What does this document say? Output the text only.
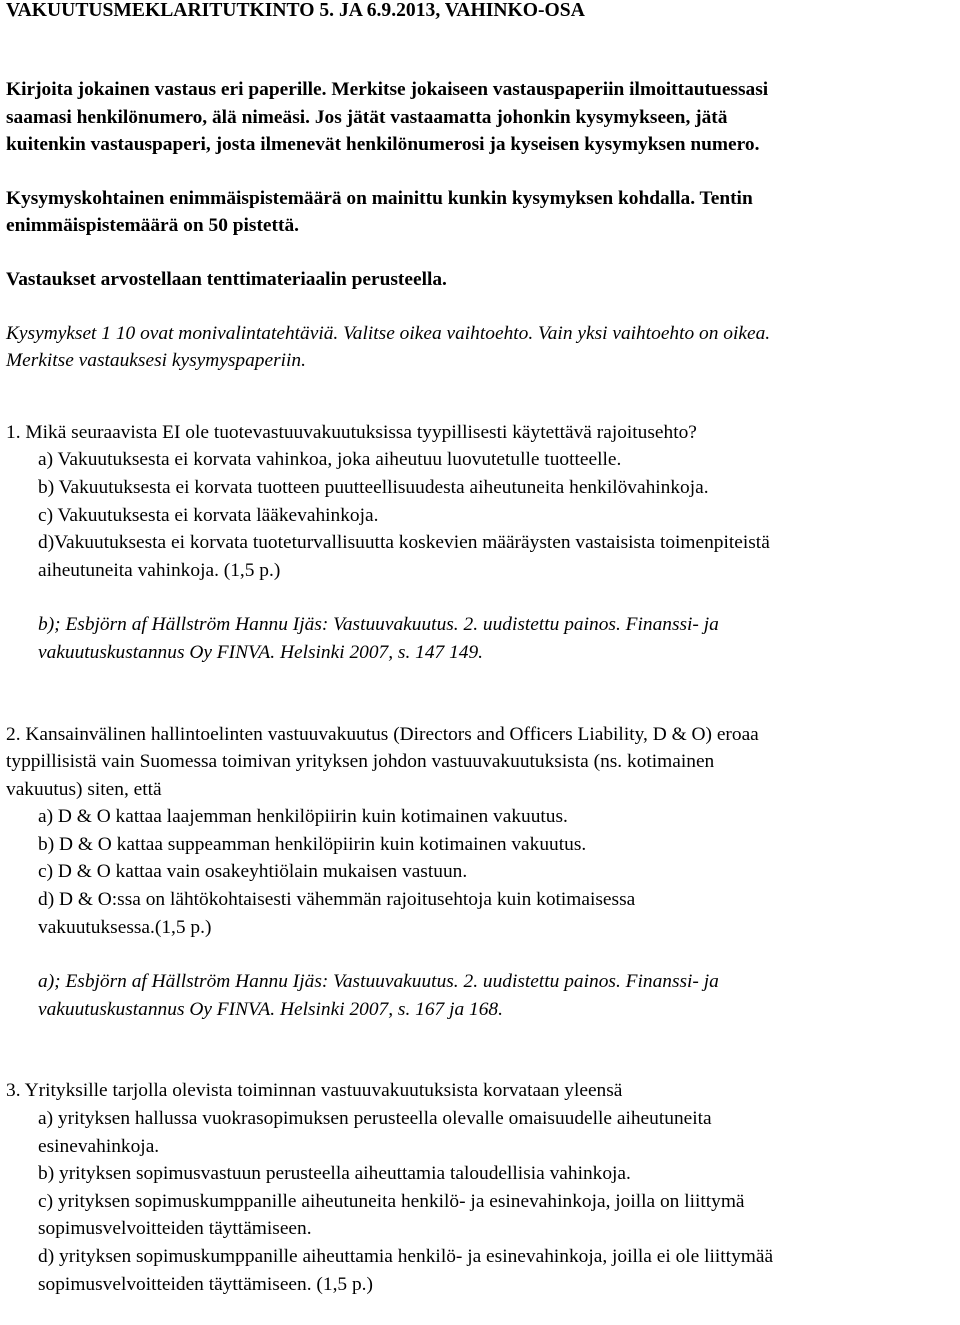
VAKUUTUSMEKLARITUTKINTO 5. JA 6.9.2013, VAHINKO-OSA

Kirjoita jokainen vastaus eri paperille. Merkitse jokaiseen vastauspaperiin ilmoittautuessasi

saamasi henkilönumero, älä nimeäsi. Jos jätät vastaamatta johonkin kysymykseen, jätä

kuitenkin vastauspaperi, josta ilmenevät henkilönumerosi ja kyseisen kysymyksen numero.

Kysymyskohtainen enimmäispistemäärä on mainittu kunkin kysymyksen kohdalla. Tentin

enimmäispistemäärä on 50 pistettä.

Vastaukset arvostellaan tenttimateriaalin perusteella.

Kysymykset 1 10 ovat monivalintatehtäviä. Valitse oikea vaihtoehto. Vain yksi vaihtoehto on oikea.

Merkitse vastauksesi kysymyspaperiin.

1. Mikä seuraavista EI ole tuotevastuuvakuutuksissa tyypillisesti käytettävä rajoitusehto?

a) Vakuutuksesta ei korvata vahinkoa, joka aiheutuu luovutetulle tuotteelle.

b) Vakuutuksesta ei korvata tuotteen puutteellisuudesta aiheutuneita henkilövahinkoja.

c) Vakuutuksesta ei korvata lääkevahinkoja.

d)Vakuutuksesta ei korvata tuoteturvallisuutta koskevien määräysten vastaisista toimenpiteistä

aiheutuneita vahinkoja. (1,5 p.)

b); Esbjörn af Hällström Hannu Ijäs: Vastuuvakuutus. 2. uudistettu painos. Finanssi- ja

vakuutuskustannus Oy FINVA. Helsinki 2007, s. 147 149.

2. Kansainvälinen hallintoelinten vastuuvakuutus (Directors and Officers Liability, D & O) eroaa

typpillisistä vain Suomessa toimivan yrityksen johdon vastuuvakuutuksista (ns. kotimainen

vakuutus) siten, että

a) D & O kattaa laajemman henkilöpiirin kuin kotimainen vakuutus.

b) D & O kattaa suppeamman henkilöpiirin kuin kotimainen vakuutus.

c) D & O kattaa vain osakeyhtiölain mukaisen vastuun.

d) D & O:ssa on lähtökohtaisesti vähemmän rajoitusehtoja kuin kotimaisessa

vakuutuksessa.(1,5 p.)

a); Esbjörn af Hällström Hannu Ijäs: Vastuuvakuutus. 2. uudistettu painos. Finanssi- ja

vakuutuskustannus Oy FINVA. Helsinki 2007, s. 167 ja 168.

3. Yrityksille tarjolla olevista toiminnan vastuuvakuutuksista korvataan yleensä

a) yrityksen hallussa vuokrasopimuksen perusteella olevalle omaisuudelle aiheutuneita

esinevahinkoja.

b) yrityksen sopimusvastuun perusteella aiheuttamia taloudellisia vahinkoja.

c) yrityksen sopimuskumppanille aiheutuneita henkilö- ja esinevahinkoja, joilla on liittymä

sopimusvelvoitteiden täyttämiseen.

d) yrityksen sopimuskumppanille aiheuttamia henkilö- ja esinevahinkoja, joilla ei ole liittymää

sopimusvelvoitteiden täyttämiseen. (1,5 p.)
